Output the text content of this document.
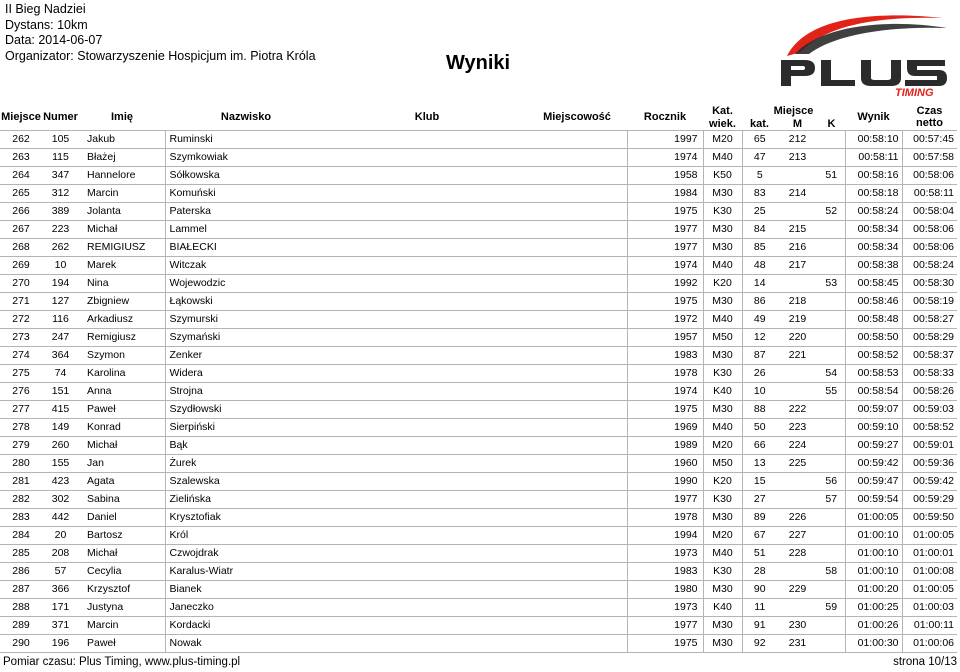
II Bieg Nadziei
Dystans: 10km
Data: 2014-06-07
Organizator: Stowarzyszenie Hospicjum im. Piotra Króla	Wyniki
TIMING
Miejsce	Numer	Imię	Nazwisko	Klub	Miejscowość	Rocznik	Kat.	Miejsce			Wynik	Czas netto
							wiek.	kat.	M	K		
262	105	Jakub	Ruminski			1997	M20	65	212		00:58:10	00:57:45
263	115	Błażej	Szymkowiak			1974	M40	47	213		00:58:11	00:57:58
264	347	Hannelore	Sółkowska			1958	K50	5		51	00:58:16	00:58:06
265	312	Marcin	Komuński			1984	M30	83	214		00:58:18	00:58:11
266	389	Jolanta	Paterska			1975	K30	25		52	00:58:24	00:58:04
267	223	Michał	Lammel			1977	M30	84	215		00:58:34	00:58:06
268	262	REMIGIUSZ	BIAŁECKI			1977	M30	85	216		00:58:34	00:58:06
269	10	Marek	Witczak			1974	M40	48	217		00:58:38	00:58:24
270	194	Nina	Wojewodzic			1992	K20	14		53	00:58:45	00:58:30
271	127	Zbigniew	Łąkowski			1975	M30	86	218		00:58:46	00:58:19
272	116	Arkadiusz	Szymurski			1972	M40	49	219		00:58:48	00:58:27
273	247	Remigiusz	Szymański			1957	M50	12	220		00:58:50	00:58:29
274	364	Szymon	Zenker			1983	M30	87	221		00:58:52	00:58:37
275	74	Karolina	Widera			1978	K30	26		54	00:58:53	00:58:33
276	151	Anna	Strojna			1974	K40	10		55	00:58:54	00:58:26
277	415	Paweł	Szydłowski			1975	M30	88	222		00:59:07	00:59:03
278	149	Konrad	Sierpiński			1969	M40	50	223		00:59:10	00:58:52
279	260	Michał	Bąk			1989	M20	66	224		00:59:27	00:59:01
280	155	Jan	Żurek			1960	M50	13	225		00:59:42	00:59:36
281	423	Agata	Szalewska			1990	K20	15		56	00:59:47	00:59:42
282	302	Sabina	Zielińska			1977	K30	27		57	00:59:54	00:59:29
283	442	Daniel	Krysztofiak			1978	M30	89	226		01:00:05	00:59:50
284	20	Bartosz	Król			1994	M20	67	227		01:00:10	01:00:05
285	208	Michał	Czwojdrak			1973	M40	51	228		01:00:10	01:00:01
286	57	Cecylia	Karalus-Wiatr			1983	K30	28		58	01:00:10	01:00:08
287	366	Krzysztof	Bianek			1980	M30	90	229		01:00:20	01:00:05
288	171	Justyna	Janeczko			1973	K40	11		59	01:00:25	01:00:03
289	371	Marcin	Kordacki			1977	M30	91	230		01:00:26	01:00:11
290	196	Paweł	Nowak			1975	M30	92	231		01:00:30	01:00:06
Pomiar czasu: Plus Timing, www.plus-timing.pl	strona 10/13
